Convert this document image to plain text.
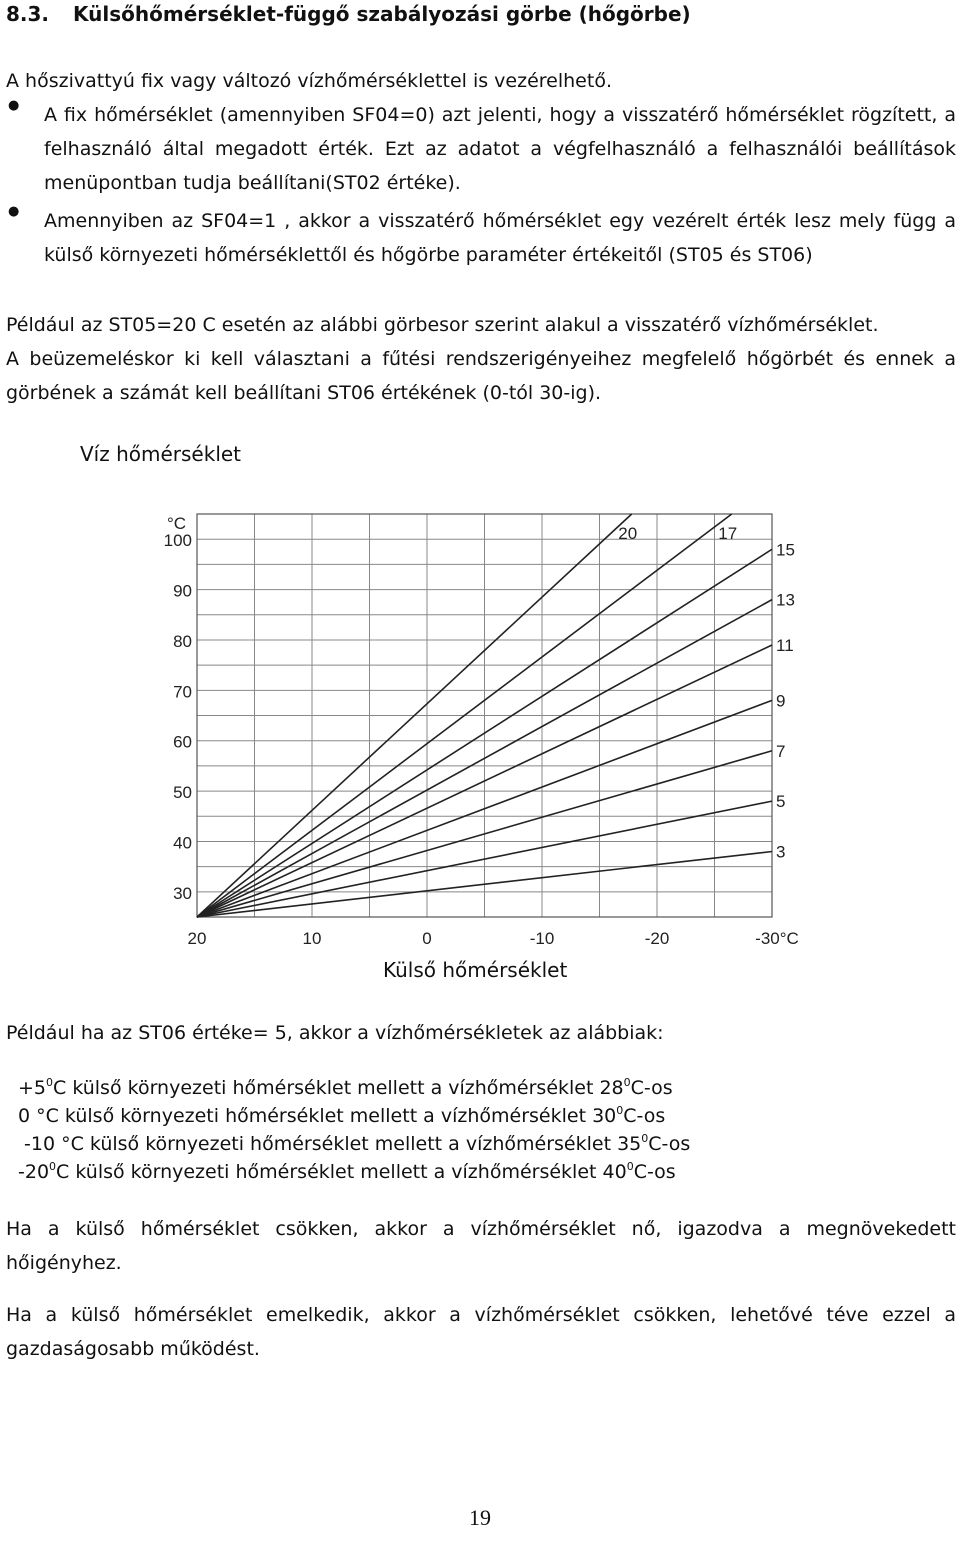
8.3. Külsőhőmérséklet-függő szabályozási görbe (hőgörbe)
A hőszivattyú fix vagy változó vízhőmérséklettel is vezérelhető.
●	A fix hőmérséklet (amennyiben SF04=0) azt jelenti, hogy a visszatérő hőmérséklet rögzített, a felhasználó által megadott érték. Ezt az adatot a végfelhasználó a felhasználói beállítások menüpontban tudja beállítani(ST02 értéke).
●	Amennyiben az SF04=1 , akkor a visszatérő hőmérséklet egy vezérelt érték lesz mely függ a külső környezeti hőmérséklettől és hőgörbe paraméter értékeitől (ST05 és ST06)
Például az ST05=20 C esetén az alábbi görbesor szerint alakul a visszatérő vízhőmérséklet.
A beüzemeléskor ki kell választani a fűtési rendszerigényeihez megfelelő hőgörbét és ennek a görbének a számát kell beállítani ST06 értékének (0-tól 30-ig).
Víz hőmérséklet
20	17
15
13
11
9
7
5
3
100
90
80
70
60
50
40
30
°C
20	10	0	-10	-20	-30°C
Külső hőmérséklet
Például ha az ST06 értéke= 5, akkor a vízhőmérsékletek az alábbiak:
$+5^0C$ külső környezeti hőmérséklet mellett a vízhőmérséklet $28^0C-os$
0 °C külső környezeti hőmérséklet mellett a vízhőmérséklet $30^0C-os$
-10 °C külső környezeti hőmérséklet mellett a vízhőmérséklet $35^0C-os$
$-20^0C$ külső környezeti hőmérséklet mellett a vízhőmérséklet $40^0C-os$
Ha a külső hőmérséklet csökken, akkor a vízhőmérséklet nő, igazodva a megnövekedett hőigényhez.
Ha a külső hőmérséklet emelkedik, akkor a vízhőmérséklet csökken, lehetővé téve ezzel a gazdaságosabb működést.
19
